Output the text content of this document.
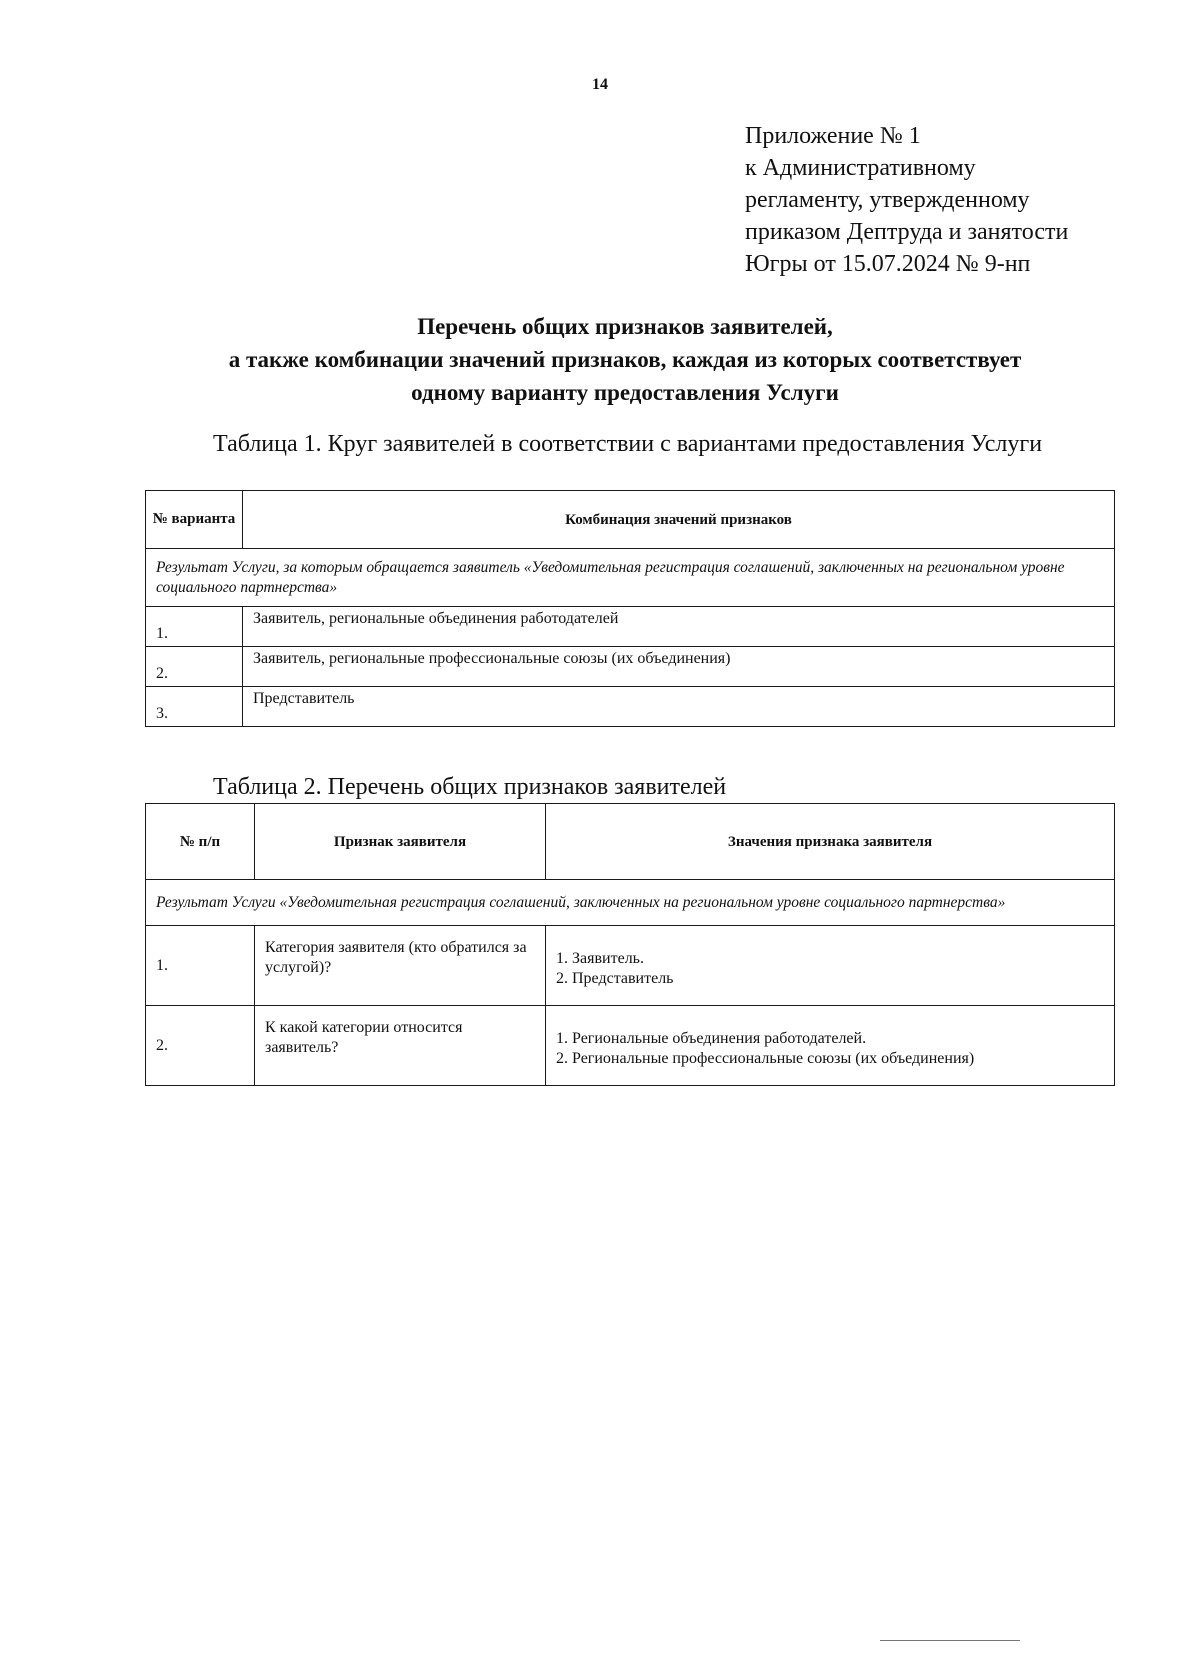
14
Приложение № 1
к Административному
регламенту, утвержденному
приказом Дептруда и занятости
Югры от 15.07.2024 № 9-нп
Перечень общих признаков заявителей,
а также комбинации значений признаков, каждая из которых соответствует
одному варианту предоставления Услуги
Таблица 1. Круг заявителей в соответствии с вариантами предоставления Услуги
№ варианта	Комбинация значений признаков
Результат Услуги, за которым обращается заявитель «Уведомительная регистрация соглашений, заключенных на региональном уровне социального партнерства»	
1.	Заявитель, региональные объединения работодателей
2.	Заявитель, региональные профессиональные союзы (их объединения)
3.	Представитель
Таблица 2. Перечень общих признаков заявителей
№ п/п	Признак заявителя	Значения признака заявителя
Результат Услуги «Уведомительная регистрация соглашений, заключенных на региональном уровне социального партнерства»		
1.	Категория заявителя (кто обратился за услугой)?	1. Заявитель.
2. Представитель

2.	К какой категории относится заявитель?	1. Региональные объединения работодателей.
2. Региональные профессиональные союзы (их объединения)
